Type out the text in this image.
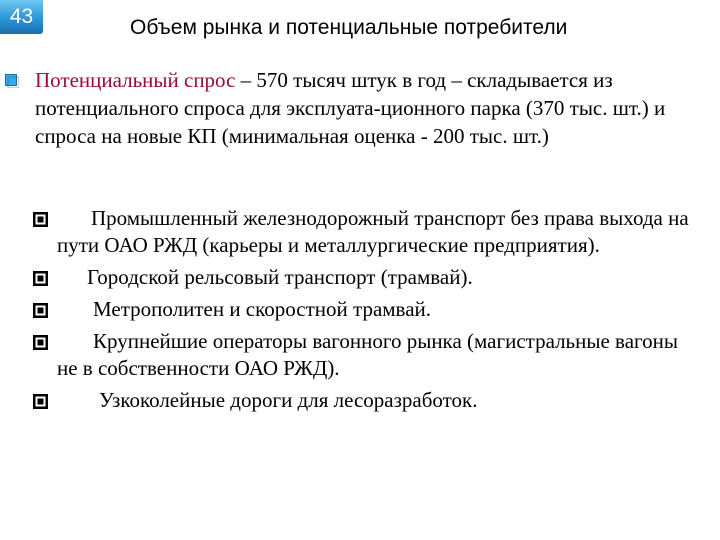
43	Объем рынка и потенциальные потребители
Потенциальный спрос – 570 тысяч штук в год – складывается из потенциального спроса для эксплуата-ционного парка (370 тыс. шт.) и спроса на новые КП (минимальная оценка - 200 тыс. шт.)
Промышленный железнодорожный транспорт без права выхода на пути ОАО РЖД (карьеры и металлургические предприятия).
Городской рельсовый транспорт (трамвай).
Метрополитен и скоростной трамвай.
Крупнейшие операторы вагонного рынка (магистральные вагоны не в собственности ОАО РЖД).
Узкоколейные дороги для лесоразработок.
